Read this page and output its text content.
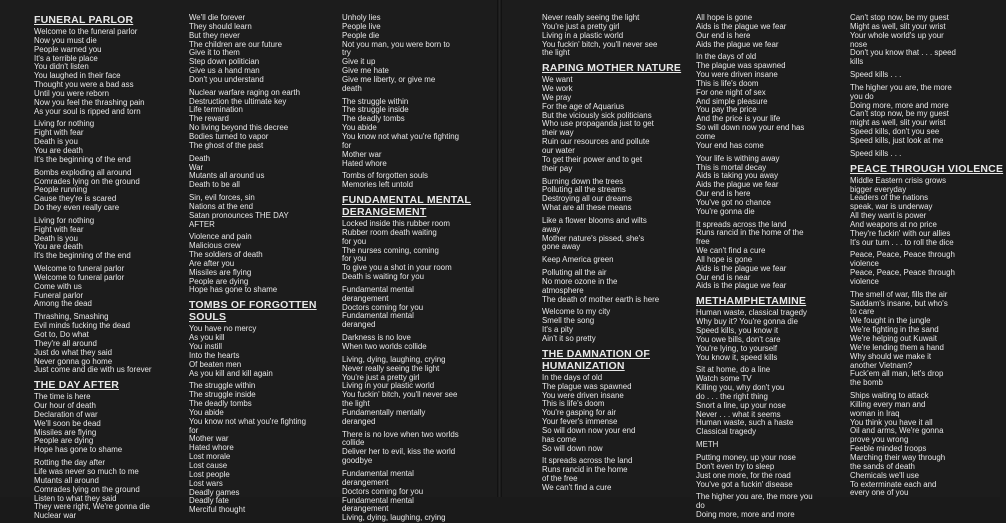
FUNERAL PARLOR
Welcome to the funeral parlor
Now you must die
People warned you
It's a terrible place
You didn't listen
You laughed in their face
Thought you were a bad ass
Until you were reborn
Now you feel the thrashing pain
As your soul is ripped and torn
Living for nothing
Fight with fear
Death is you
You are death
It's the beginning of the end
Bombs exploding all around
Comrades lying on the ground
People running
Cause they're is scared
Do they even really care
Living for nothing
Fight with fear
Death is you
You are death
It's the beginning of the end
Welcome to funeral parlor
Welcome to funeral parlor
Come with us
Funeral parlor
Among the dead
Thrashing, Smashing
Evil minds fucking the dead
Got to, Do what
They're all around
Just do what they said
Never gonna go home
Just come and die with us forever
THE DAY AFTER
The time is here
Our hour of death
Declaration of war
We'll soon be dead
Missiles are flying
People are dying
Hope has gone to shame
Rotting the day after
Life was never so much to me
Mutants all around
Comrades lying on the ground
Listen to what they said
They were right, We're gonna die
Nuclear war
We'll die forever
They should learn
But they never
The children are our future
Give it to them
Step down politician
Give us a hand man
Don't you understand
Nuclear warfare raging on earth
Destruction the ultimate key
Life termination
The reward
No living beyond this decree
Bodies turned to vapor
The ghost of the past
Death
War
Mutants all around us
Death to be all
Sin, evil forces, sin
Nations at the end
Satan pronounces THE DAY
AFTER
Violence and pain
Malicious crew
The soldiers of death
Are after you
Missiles are flying
People are dying
Hope has gone to shame
TOMBS OF FORGOTTEN SOULS
You have no mercy
As you kill
You instill
Into the hearts
Of beaten men
As you kill and kill again
The struggle within
The struggle inside
The deadly tombs
You abide
You know not what you're fighting
for
Mother war
Hated whore
Lost morale
Lost cause
Lost people
Lost wars
Deadly games
Deadly fate
Merciful thought
Unholy lies
People live
People die
Not you man, you were born to
try
Give it up
Give me hate
Give me liberty, or give me
death
The struggle within
The struggle inside
The deadly tombs
You abide
You know not what you're fighting
for
Mother war
Hated whore
Tombs of forgotten souls
Memories left untold
FUNDAMENTAL MENTAL DERANGEMENT
Locked inside this rubber room
Rubber room death waiting
for you
The nurses coming, coming
for you
To give you a shot in your room
Death is waiting for you
Fundamental mental
derangement
Doctors coming for you
Fundamental mental
deranged
Darkness is no love
When two worlds collide
Living, dying, laughing, crying
Never really seeing the light
You're just a pretty girl
Living in your plastic world
You fuckin' bitch, you'll never see
the light
Fundamentally mentally
deranged
There is no love when two worlds
collide
Deliver her to evil, kiss the world
goodbye
Fundamental mental
derangement
Doctors coming for you
Fundamental mental
derangement
Living, dying, laughing, crying
Never really seeing the light
You're just a pretty girl
Living in a plastic world
You fuckin' bitch, you'll never see
the light
RAPING MOTHER NATURE
We want
We work
We pray
For the age of Aquarius
But the viciously sick politicians
Who use propaganda just to get
their way
Ruin our resources and pollute
our water
To get their power and to get
their pay
Burning down the trees
Polluting all the streams
Destroying all our dreams
What are all these means
Like a flower blooms and wilts
away
Mother nature's pissed, she's
gone away
Keep America green
Polluting all the air
No more ozone in the
atmosphere
The death of mother earth is here
Welcome to my city
Smell the song
It's a pity
Ain't it so pretty
THE DAMNATION OF HUMANIZATION
In the days of old
The plague was spawned
You were driven insane
This is life's doom
You're gasping for air
Your fever's immense
So will down now your end
has come
So will down now
It spreads across the land
Runs rancid in the home
of the free
We can't find a cure
All hope is gone
Aids is the plague we fear
Our end is here
Aids the plague we fear
In the days of old
The plague was spawned
You were driven insane
This is life's doom
For one night of sex
And simple pleasure
You pay the price
And the price is your life
So will down now your end has
come
Your end has come
Your life is withing away
This is mortal decay
Aids is taking you away
Aids the plague we fear
Our end is here
You've got no chance
You're gonna die
It spreads across the land
Runs rancid in the home of the
free
We can't find a cure
All hope is gone
Aids is the plague we fear
Our end is near
Aids is the plague we fear
METHAMPHETAMINE
Human waste, classical tragedy
Why buy it? You're gonna die
Speed kills, you know it
You owe bills, don't care
You're lying, to yourself
You know it, speed kills
Sit at home, do a line
Watch some TV
Killing you, why don't you
do . . . the right thing
Snort a line, up your nose
Never . . . what it seems
Human waste, such a haste
Classical tragedy
METH
Putting money, up your nose
Don't even try to sleep
Just one more, for the road
You've got a fuckin' disease
The higher you are, the more you
do
Doing more, more and more
Can't stop now, be my guest
Might as well, slit your wrist
Your whole world's up your
nose
Don't you know that . . . speed
kills
Speed kills . . .
The higher you are, the more
you do
Doing more, more and more
Can't stop now, be my guest
might as well, slit your wrist
Speed kills, don't you see
Speed kills, just look at me
Speed kills . . .
PEACE THROUGH VIOLENCE
Middle Eastern crisis grows
bigger everyday
Leaders of the nations
speak, war is underway
All they want is power
And weapons at no price
They're fuckin' with our allies
It's our turn . . . to roll the dice
Peace, Peace, Peace through
violence
Peace, Peace, Peace through
violence
The smell of war, fills the air
Saddam's insane, but who's
to care
We fought in the jungle
We're fighting in the sand
We're helping out Kuwait
We're lending them a hand
Why should we make it
another Vietnam?
Fuck'em all man, let's drop
the bomb
Ships waiting to attack
Killing every man and
woman in Iraq
You think you have it all
Oil and arms, We're gonna
prove you wrong
Feeble minded troops
Marching their way through
the sands of death
Chemicals we'll use
To exterminate each and
every one of you
